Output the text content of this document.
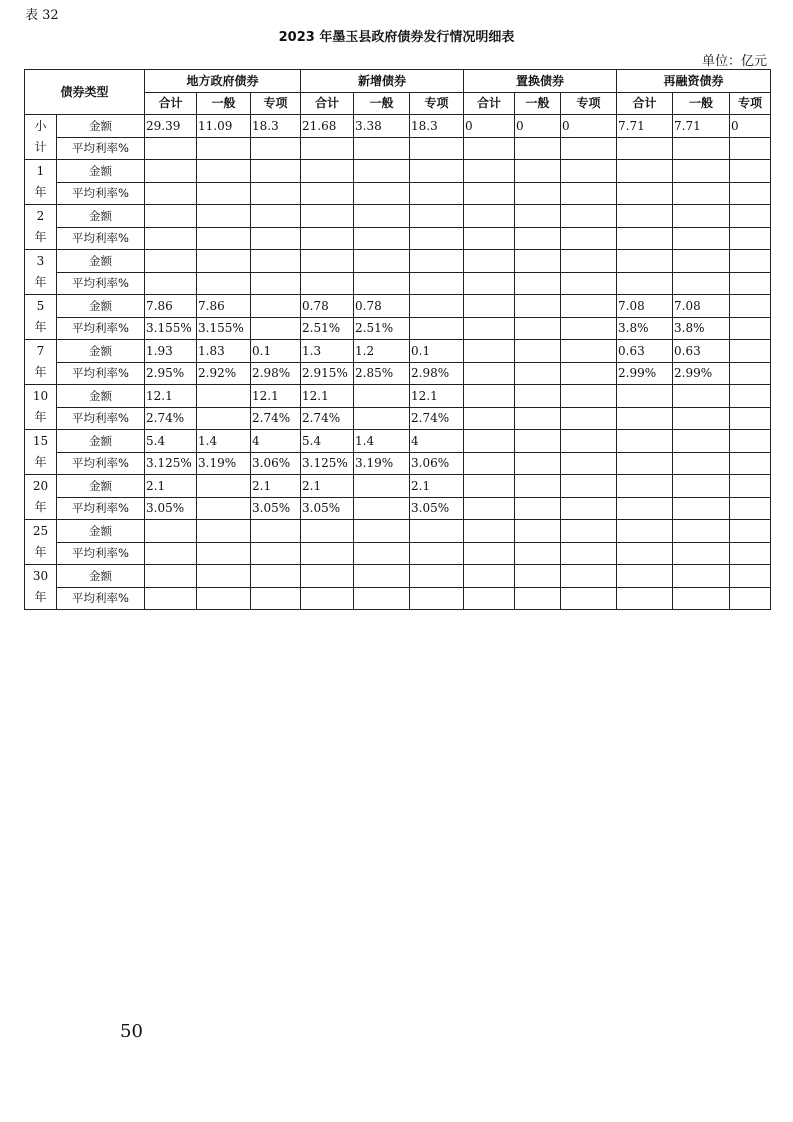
表 32
2023 年墨玉县政府债券发行情况明细表
单位：亿元
债券类型		地方政府债券			新增债券			置换债券			再融资债券		
		合计	一般	专项	合计	一般	专项	合计	一般	专项	合计	一般	专项
小计	金额	29.39	11.09	18.3	21.68	3.38	18.3	0	0	0	7.71	7.71	0
	平均利率%												
1 年	金额												
	平均利率%												
2 年	金额												
	平均利率%												
3 年	金额												
	平均利率%												
5 年	金额	7.86	7.86		0.78	0.78					7.08	7.08	
	平均利率%	3.155%	3.155%		2.51%	2.51%					3.8%	3.8%	
7 年	金额	1.93	1.83	0.1	1.3	1.2	0.1				0.63	0.63	
	平均利率%	2.95%	2.92%	2.98%	2.915%	2.85%	2.98%				2.99%	2.99%	
10 年	金额	12.1		12.1	12.1		12.1						
	平均利率%	2.74%		2.74%	2.74%		2.74%						
15 年	金额	5.4	1.4	4	5.4	1.4	4						
	平均利率%	3.125%	3.19%	3.06%	3.125%	3.19%	3.06%						
20 年	金额	2.1		2.1	2.1		2.1						
	平均利率%	3.05%		3.05%	3.05%		3.05%						
25 年	金额												
	平均利率%												
30 年	金额												
	平均利率%												
50
